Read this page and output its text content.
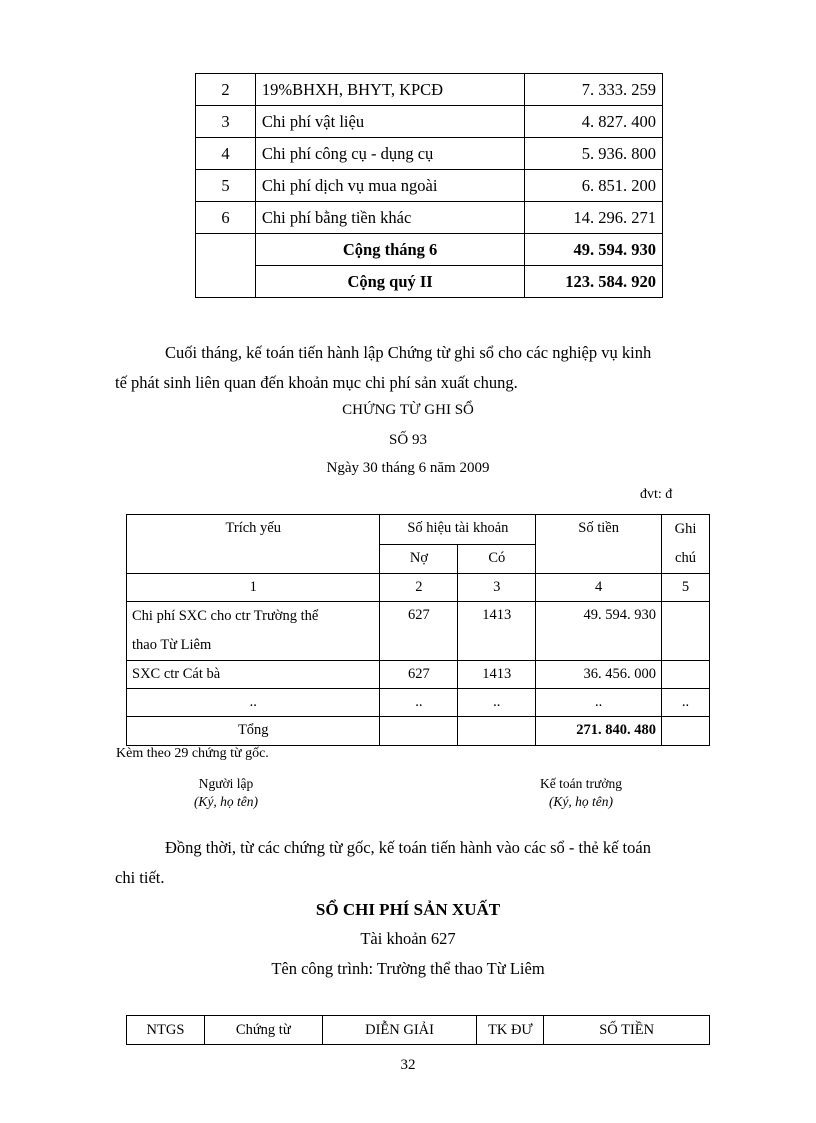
2	19%BHXH, BHYT, KPCĐ	7. 333. 259
3	Chi phí vật liệu	4. 827. 400
4	Chi phí công cụ - dụng cụ	5. 936. 800
5	Chi phí dịch vụ mua ngoài	6. 851. 200
6	Chi phí bằng tiền khác	14. 296. 271
	Cộng tháng 6	49. 594. 930
	Cộng quý II	123. 584. 920
Cuối tháng, kế toán tiến hành lập Chứng từ ghi sổ cho các nghiệp vụ kinh
tế phát sinh liên quan đến khoản mục chi phí sản xuất chung.
CHỨNG TỪ GHI SỔ
SỐ 93
Ngày 30 tháng 6 năm 2009
đvt: đ
Trích yếu	Số hiệu tài khoản		Số tiền	Ghi
chú
	Nợ	Có		
1	2	3	4	5
Chi phí SXC cho ctr Trường thể
thao Từ Liêm	627	1413	49. 594. 930	
SXC ctr Cát bà	627	1413	36. 456. 000	
..	..	..	..	..
Tổng			271. 840. 480	
Kèm theo 29 chứng từ gốc.
Người lập
(Ký, họ tên)
Kế toán trưởng
(Ký, họ tên)
Đồng thời, từ các chứng từ gốc, kế toán tiến hành vào các sổ - thẻ kế toán
chi tiết.
SỔ CHI PHÍ SẢN XUẤT
Tài khoản 627
Tên công trình: Trường thể thao Từ Liêm
NTGS	Chứng từ	DIỄN GIẢI	TK ĐƯ	SỐ TIỀN
32
